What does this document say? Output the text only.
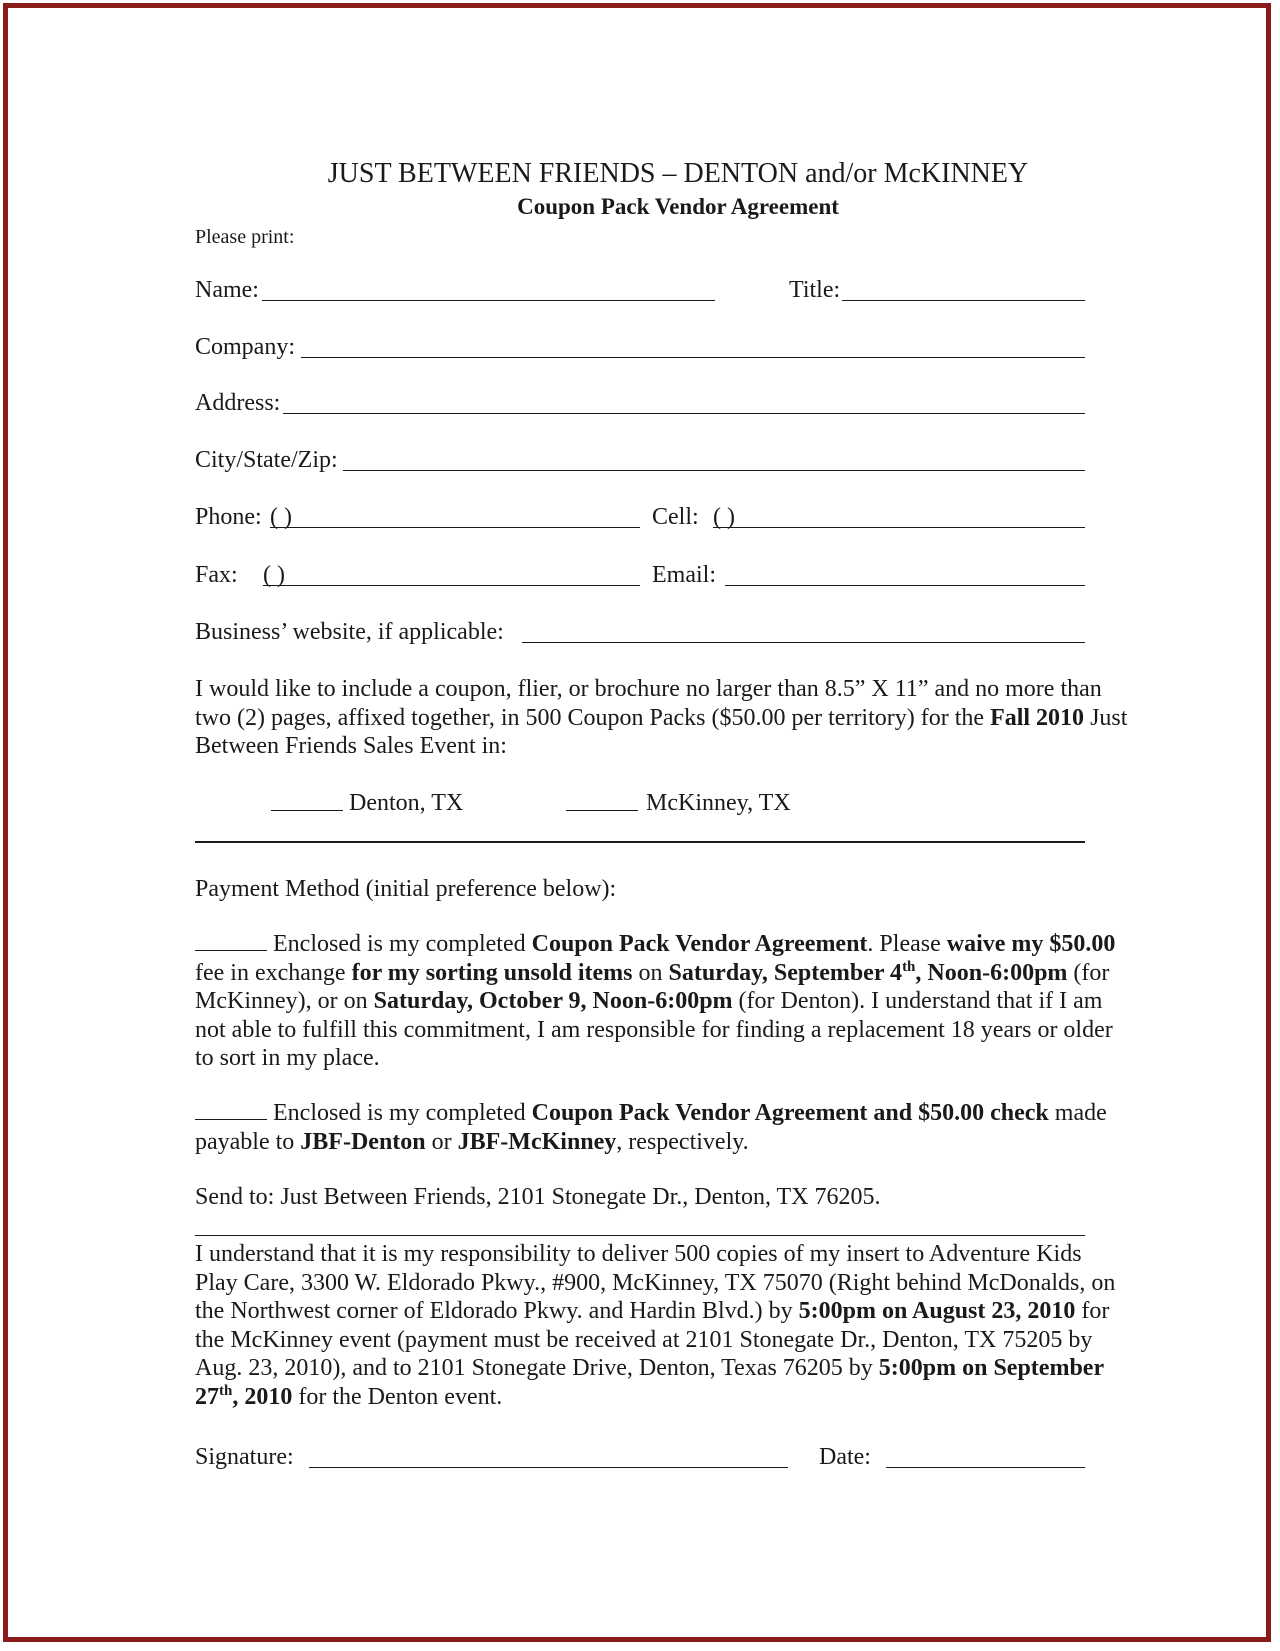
JUST BETWEEN FRIENDS – DENTON and/or McKINNEY
Coupon Pack Vendor Agreement
Please print:
Name:	Title:
Company:
Address:
City/State/Zip:
Phone: ( )	Cell: ( )
Fax: ( )	Email:
Business’ website, if applicable:
I would like to include a coupon, flier, or brochure no larger than 8.5” X 11” and no more than
two (2) pages, affixed together, in 500 Coupon Packs ($50.00 per territory) for the Fall 2010 Just
Between Friends Sales Event in:
Denton, TX	McKinney, TX
Payment Method (initial preference below):
Enclosed is my completed Coupon Pack Vendor Agreement. Please waive my $50.00
fee in exchange for my sorting unsold items on Saturday, September 4th, Noon-6:00pm (for
McKinney), or on Saturday, October 9, Noon-6:00pm (for Denton). I understand that if I am
not able to fulfill this commitment, I am responsible for finding a replacement 18 years or older
to sort in my place.
Enclosed is my completed Coupon Pack Vendor Agreement and $50.00 check made
payable to JBF-Denton or JBF-McKinney, respectively.
Send to: Just Between Friends, 2101 Stonegate Dr., Denton, TX 76205.
I understand that it is my responsibility to deliver 500 copies of my insert to Adventure Kids
Play Care, 3300 W. Eldorado Pkwy., #900, McKinney, TX 75070 (Right behind McDonalds, on
the Northwest corner of Eldorado Pkwy. and Hardin Blvd.) by 5:00pm on August 23, 2010 for
the McKinney event (payment must be received at 2101 Stonegate Dr., Denton, TX 75205 by
Aug. 23, 2010), and to 2101 Stonegate Drive, Denton, Texas 76205 by 5:00pm on September
27th, 2010 for the Denton event.
Signature:	Date:
